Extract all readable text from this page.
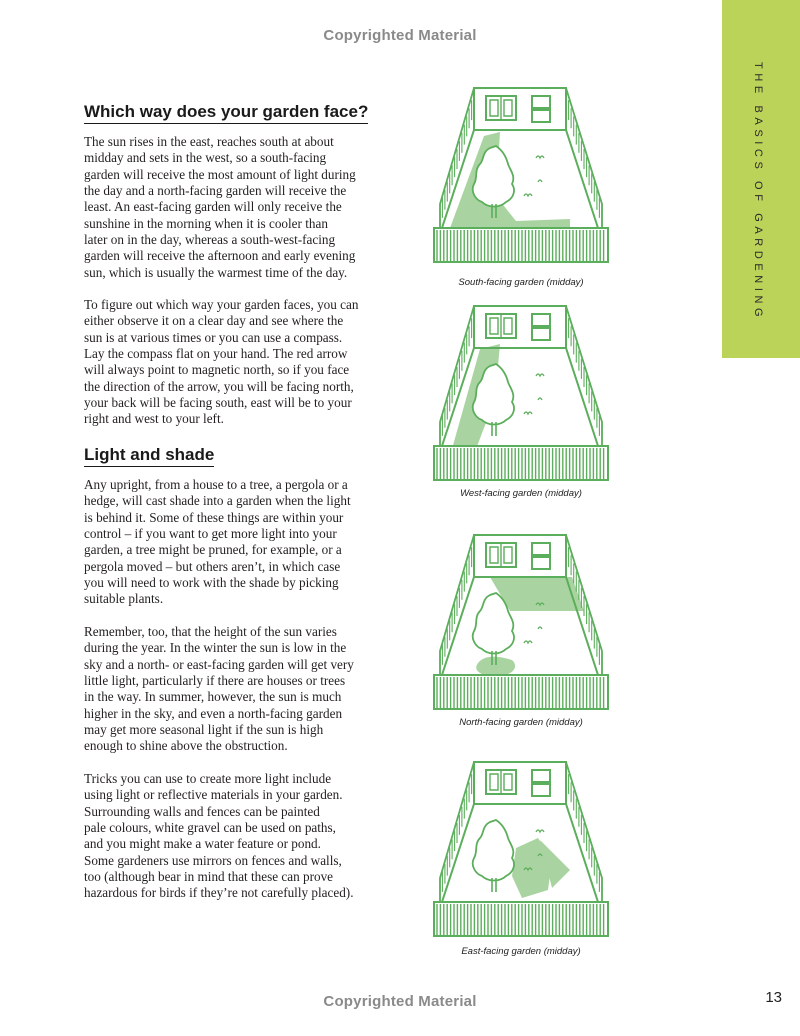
Copyrighted Material
THE BASICS OF GARDENING
Which way does your garden face?
The sun rises in the east, reaches south at about
midday and sets in the west, so a south-facing
garden will receive the most amount of light during
the day and a north-facing garden will receive the
least. An east-facing garden will only receive the
sunshine in the morning when it is cooler than
later on in the day, whereas a south-west-facing
garden will receive the afternoon and early evening
sun, which is usually the warmest time of the day.
To figure out which way your garden faces, you can
either observe it on a clear day and see where the
sun is at various times or you can use a compass.
Lay the compass flat on your hand. The red arrow
will always point to magnetic north, so if you face
the direction of the arrow, you will be facing north,
your back will be facing south, east will be to your
right and west to your left.
Light and shade
Any upright, from a house to a tree, a pergola or a
hedge, will cast shade into a garden when the light
is behind it. Some of these things are within your
control – if you want to get more light into your
garden, a tree might be pruned, for example, or a
pergola moved – but others aren’t, in which case
you will need to work with the shade by picking
suitable plants.
Remember, too, that the height of the sun varies
during the year. In the winter the sun is low in the
sky and a north- or east-facing garden will get very
little light, particularly if there are houses or trees
in the way. In summer, however, the sun is much
higher in the sky, and even a north-facing garden
may get more seasonal light if the sun is high
enough to shine above the obstruction.
Tricks you can use to create more light include
using light or reflective materials in your garden.
Surrounding walls and fences can be painted
pale colours, white gravel can be used on paths,
and you might make a water feature or pond.
Some gardeners use mirrors on fences and walls,
too (although bear in mind that these can prove
hazardous for birds if they’re not carefully placed).
South-facing garden (midday)
West-facing garden (midday)
North-facing garden (midday)
East-facing garden (midday)
Copyrighted Material	13
